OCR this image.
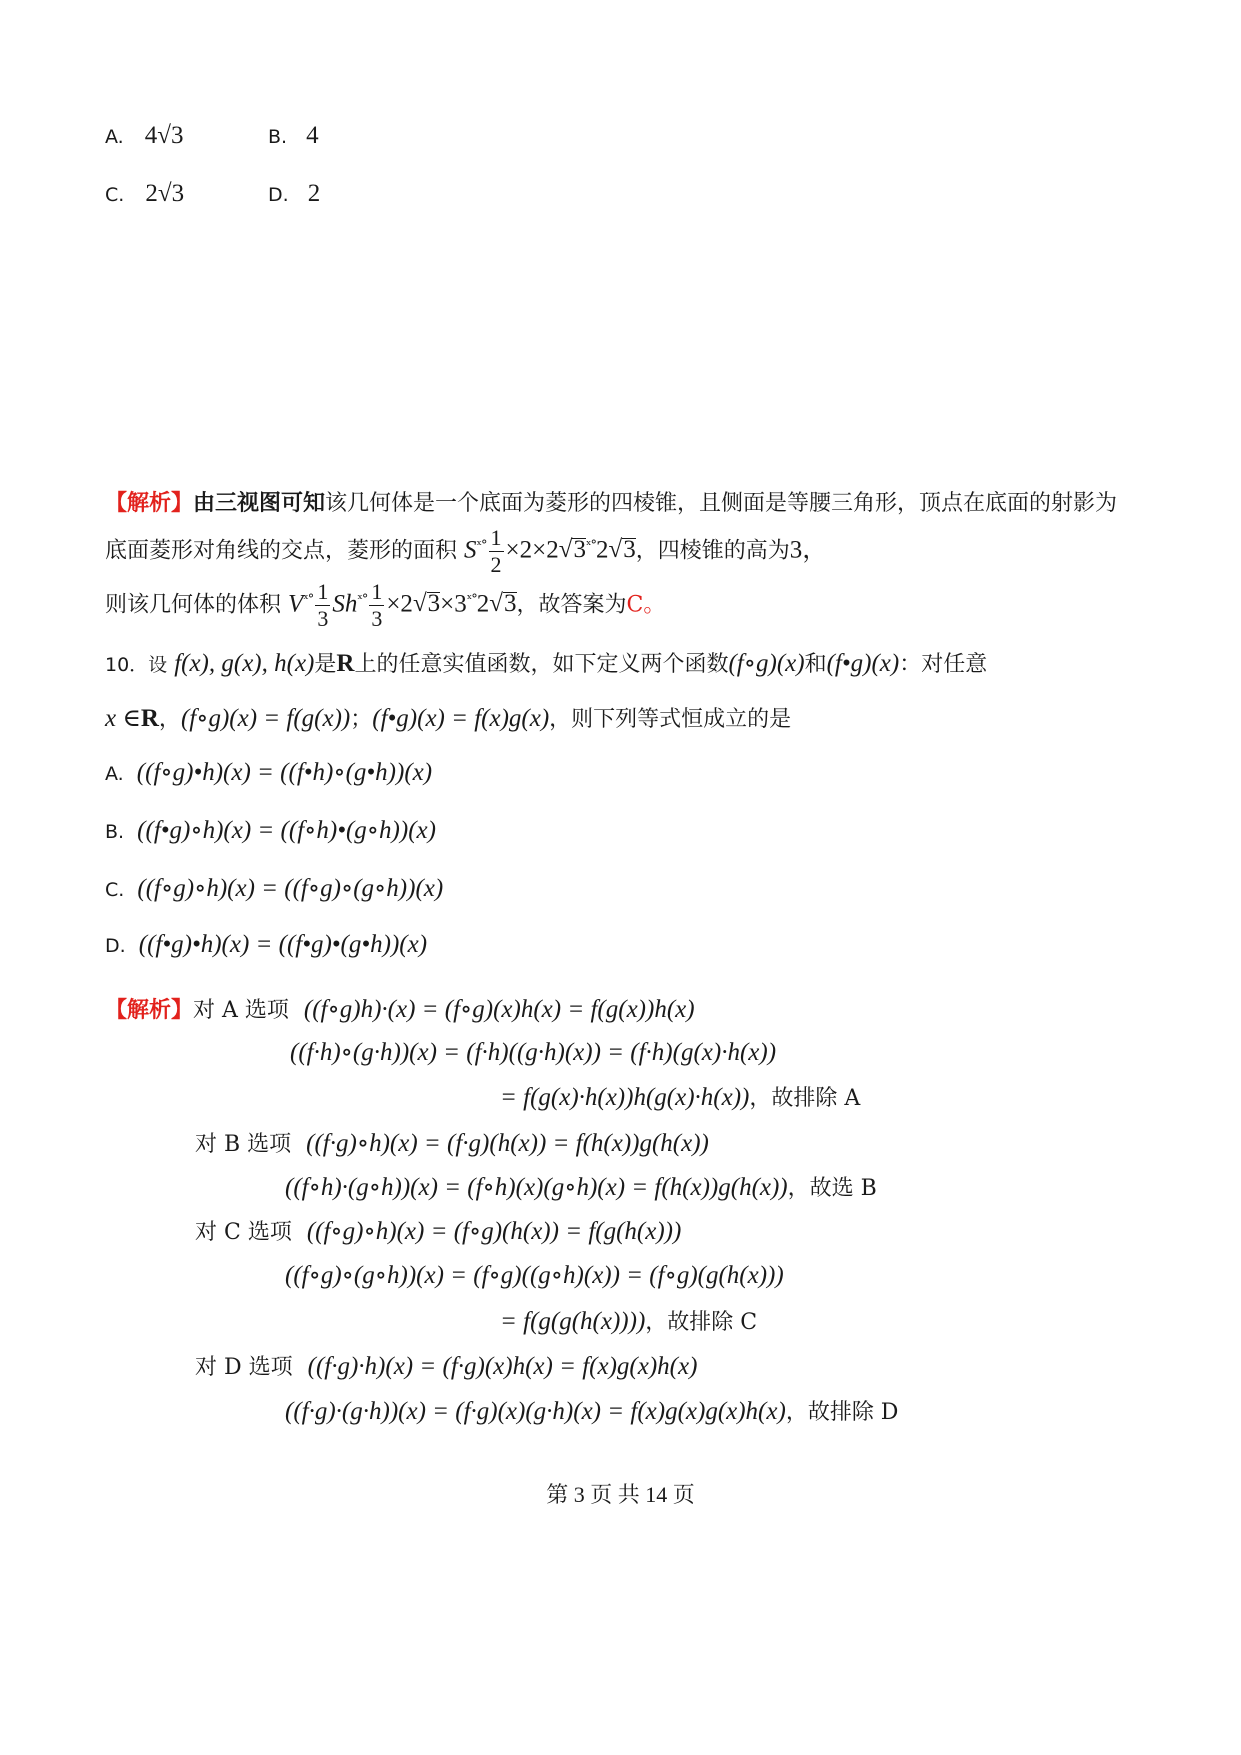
A. 4√3	B. 4
C. 2√3	D. 2
【解析】由三视图可知该几何体是一个底面为菱形的四棱锥，且侧面是等腰三角形，顶点在底面的射影为
底面菱形对角线的交点，菱形的面积 $S^{ˣ^\circ} \frac{1}{2} \times 2\times 2√3^{ˣ^\circ}2√3$，四棱锥的高为3，
则该几何体的体积 $V^{ˣ^\circ} \frac{1}{3} Sh^{ˣ^\circ} \frac{1}{3} \times 2√3\times 3^{ˣ^\circ}2√3$，故答案为C。
10．设 f(x), g(x), h(x)是R上的任意实值函数，如下定义两个函数(f∘g)(x)和(f•g)(x)：对任意
x ∈R，(f∘g)(x) = f(g(x))；(f•g)(x) = f(x)g(x)，则下列等式恒成立的是
A. ((f∘g)•h)(x) = ((f•h)∘(g•h))(x)
B. ((f•g)∘h)(x) = ((f∘h)•(g∘h))(x)
C. ((f∘g)∘h)(x) = ((f∘g)∘(g∘h))(x)
D. ((f•g)•h)(x) = ((f•g)•(g•h))(x)
【解析】对 A 选项 ((f∘g)h)·(x) = (f∘g)(x)h(x) = f(g(x))h(x)
((f·h)∘(g·h))(x) = (f·h)((g·h)(x)) = (f·h)(g(x)·h(x))
= f(g(x)·h(x))h(g(x)·h(x))，故排除 A
对 B 选项 ((f·g)∘h)(x) = (f·g)(h(x)) = f(h(x))g(h(x))
((f∘h)·(g∘h))(x) = (f∘h)(x)(g∘h)(x) = f(h(x))g(h(x))，故选 B
对 C 选项 ((f∘g)∘h)(x) = (f∘g)(h(x)) = f(g(h(x)))
((f∘g)∘(g∘h))(x) = (f∘g)((g∘h)(x)) = (f∘g)(g(h(x)))
= f(g(g(h(x))))，故排除 C
对 D 选项 ((f·g)·h)(x) = (f·g)(x)h(x) = f(x)g(x)h(x)
((f·g)·(g·h))(x) = (f·g)(x)(g·h)(x) = f(x)g(x)g(x)h(x)，故排除 D
第 3 页 共 14 页
